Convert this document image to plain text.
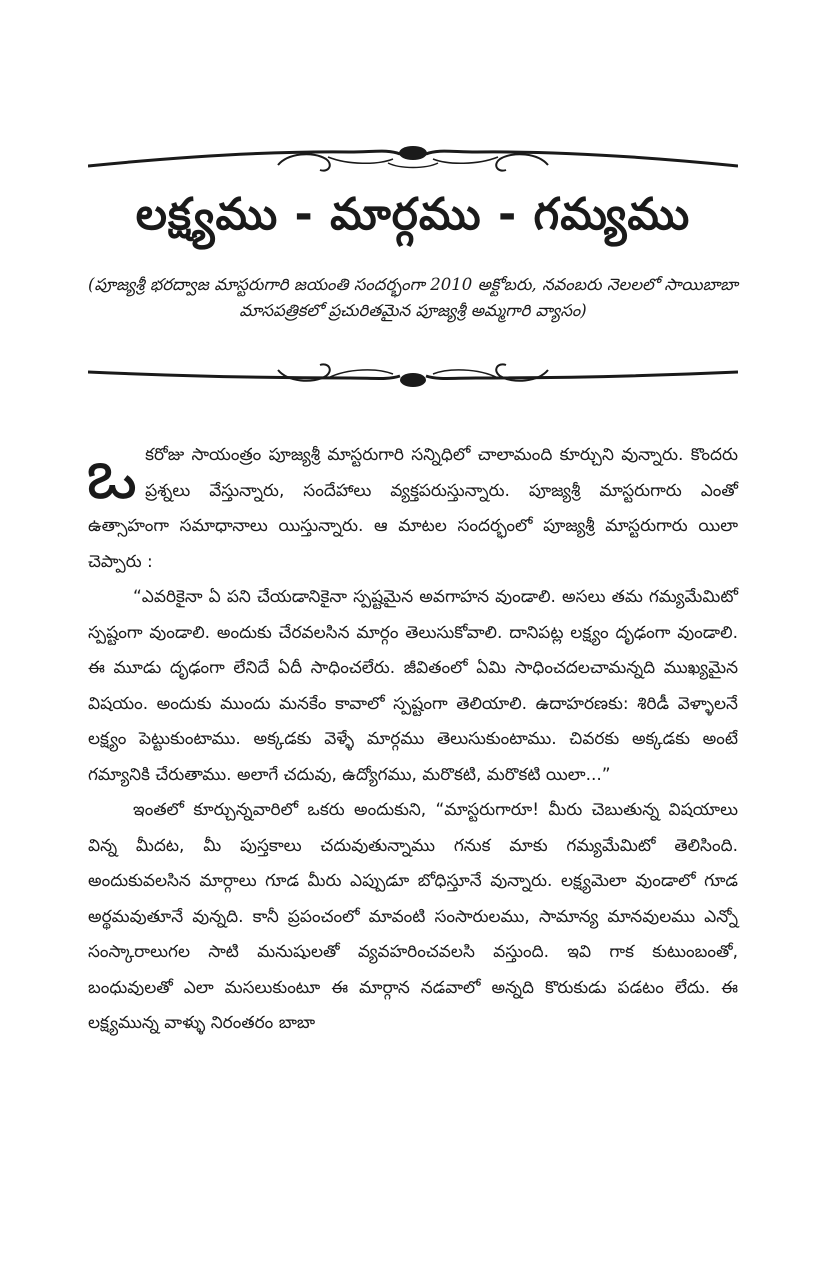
లక్ష్యము - మార్గము - గమ్యము
(పూజ్యశ్రీ భరద్వాజ మాస్టరుగారి జయంతి సందర్భంగా 2010 అక్టోబరు, నవంబరు నెలలలో సాయిబాబా మాసపత్రికలో ప్రచురితమైన పూజ్యశ్రీ అమ్మగారి వ్యాసం)

ఒ కరోజు సాయంత్రం పూజ్యశ్రీ మాస్టరుగారి సన్నిధిలో చాలామంది కూర్చుని వున్నారు. కొందరు ప్రశ్నలు వేస్తున్నారు, సందేహాలు వ్యక్తపరుస్తున్నారు. పూజ్యశ్రీ మాస్టరుగారు ఎంతో ఉత్సాహంగా సమాధానాలు యిస్తున్నారు. ఆ మాటల సందర్భంలో పూజ్యశ్రీ మాస్టరుగారు యిలా చెప్పారు :

“ఎవరికైనా ఏ పని చేయడానికైనా స్పష్టమైన అవగాహన వుండాలి. అసలు తమ గమ్యమేమిటో స్పష్టంగా వుండాలి. అందుకు చేరవలసిన మార్గం తెలుసుకోవాలి. దానిపట్ల లక్ష్యం దృఢంగా వుండాలి. ఈ మూడు దృఢంగా లేనిదే ఏదీ సాధించలేరు. జీవితంలో ఏమి సాధించదలచామన్నది ముఖ్యమైన విషయం. అందుకు ముందు మనకేం కావాలో స్పష్టంగా తెలియాలి. ఉదాహరణకు: శిరిడీ వెళ్ళాలనే లక్ష్యం పెట్టుకుంటాము. అక్కడకు వెళ్ళే మార్గము తెలుసుకుంటాము. చివరకు అక్కడకు అంటే గమ్యానికి చేరుతాము. అలాగే చదువు, ఉద్యోగము, మరొకటి, మరొకటి యిలా...”

ఇంతలో కూర్చున్నవారిలో ఒకరు అందుకుని, “మాస్టరుగారూ! మీరు చెబుతున్న విషయాలు విన్న మీదట, మీ పుస్తకాలు చదువుతున్నాము గనుక మాకు గమ్యమేమిటో తెలిసింది. అందుకువలసిన మార్గాలు గూడ మీరు ఎప్పుడూ బోధిస్తూనే వున్నారు. లక్ష్యమెలా వుండాలో గూడ అర్థమవుతూనే వున్నది. కానీ ప్రపంచంలో మావంటి సంసారులము, సామాన్య మానవులము ఎన్నో సంస్కారాలుగల సాటి మనుషులతో వ్యవహరించవలసి వస్తుంది. ఇవి గాక కుటుంబంతో, బంధువులతో ఎలా మసలుకుంటూ ఈ మార్గాన నడవాలో అన్నది కొరుకుడు పడటం లేదు. ఈ లక్ష్యమున్న వాళ్ళు నిరంతరం బాబా
